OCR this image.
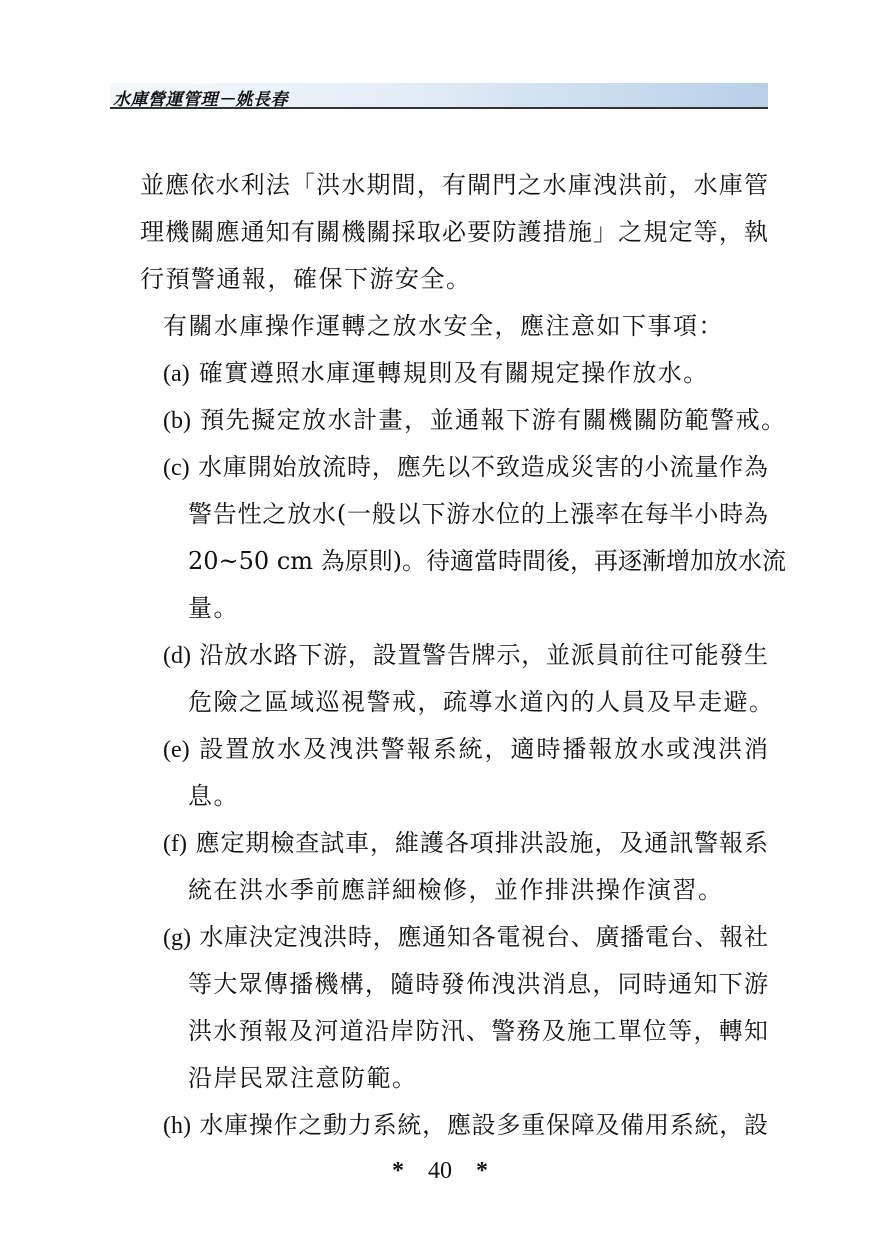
水庫營運管理－姚長春
並應依水利法「洪水期間，有閘門之水庫洩洪前，水庫管
理機關應通知有關機關採取必要防護措施」之規定等，執
行預警通報，確保下游安全。
有關水庫操作運轉之放水安全，應注意如下事項：
(a) 確實遵照水庫運轉規則及有關規定操作放水。
(b) 預先擬定放水計畫，並通報下游有關機關防範警戒。
(c) 水庫開始放流時，應先以不致造成災害的小流量作為
警告性之放水(一般以下游水位的上漲率在每半小時為
20~50 cm 為原則)。待適當時間後，再逐漸增加放水流
量。
(d) 沿放水路下游，設置警告牌示，並派員前往可能發生
危險之區域巡視警戒，疏導水道內的人員及早走避。
(e) 設置放水及洩洪警報系統，適時播報放水或洩洪消
息。
(f) 應定期檢查試車，維護各項排洪設施，及通訊警報系
統在洪水季前應詳細檢修，並作排洪操作演習。
(g) 水庫決定洩洪時，應通知各電視台、廣播電台、報社
等大眾傳播機構，隨時發佈洩洪消息，同時通知下游
洪水預報及河道沿岸防汛、警務及施工單位等，轉知
沿岸民眾注意防範。
(h) 水庫操作之動力系統，應設多重保障及備用系統，設
* 40 *
